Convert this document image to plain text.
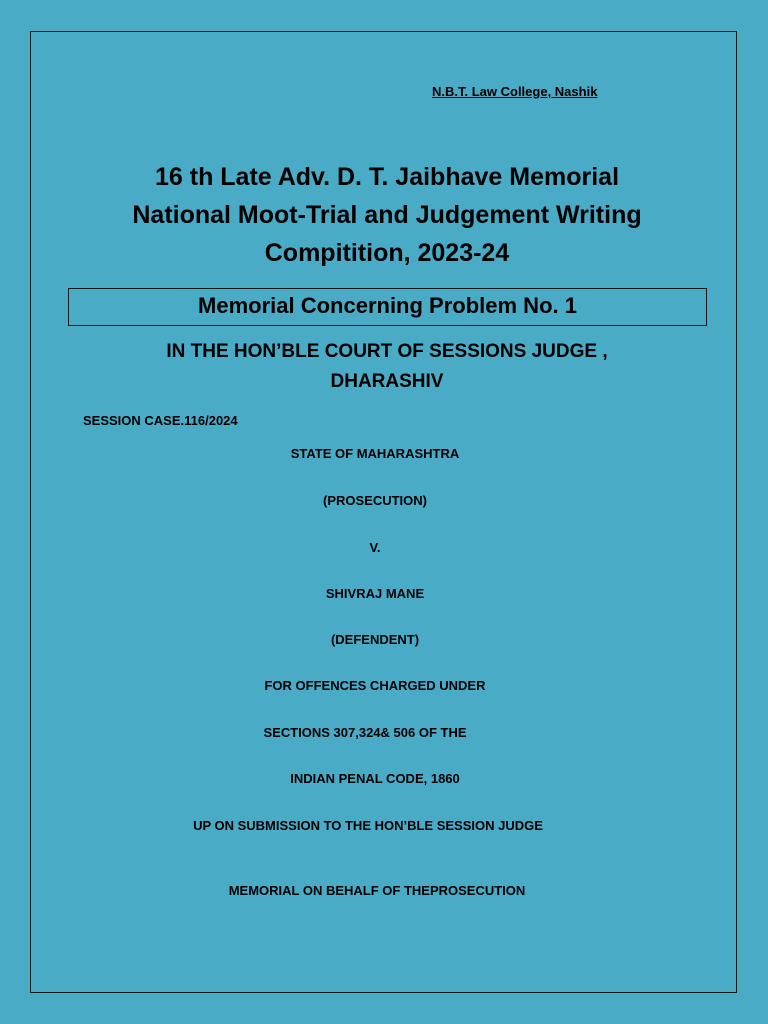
N.B.T. Law College, Nashik
16 th Late Adv. D. T. Jaibhave Memorial
National Moot-Trial and Judgement Writing
Compitition, 2023-24
Memorial Concerning Problem No. 1
IN THE HON’BLE COURT OF SESSIONS JUDGE ,
DHARASHIV
SESSION CASE.116/2024
STATE OF MAHARASHTRA
(PROSECUTION)
V.
SHIVRAJ MANE
(DEFENDENT)
FOR OFFENCES CHARGED UNDER
SECTIONS 307,324& 506 OF THE
INDIAN PENAL CODE, 1860
UP ON SUBMISSION TO THE HON’BLE SESSION JUDGE
MEMORIAL ON BEHALF OF THEPROSECUTION
